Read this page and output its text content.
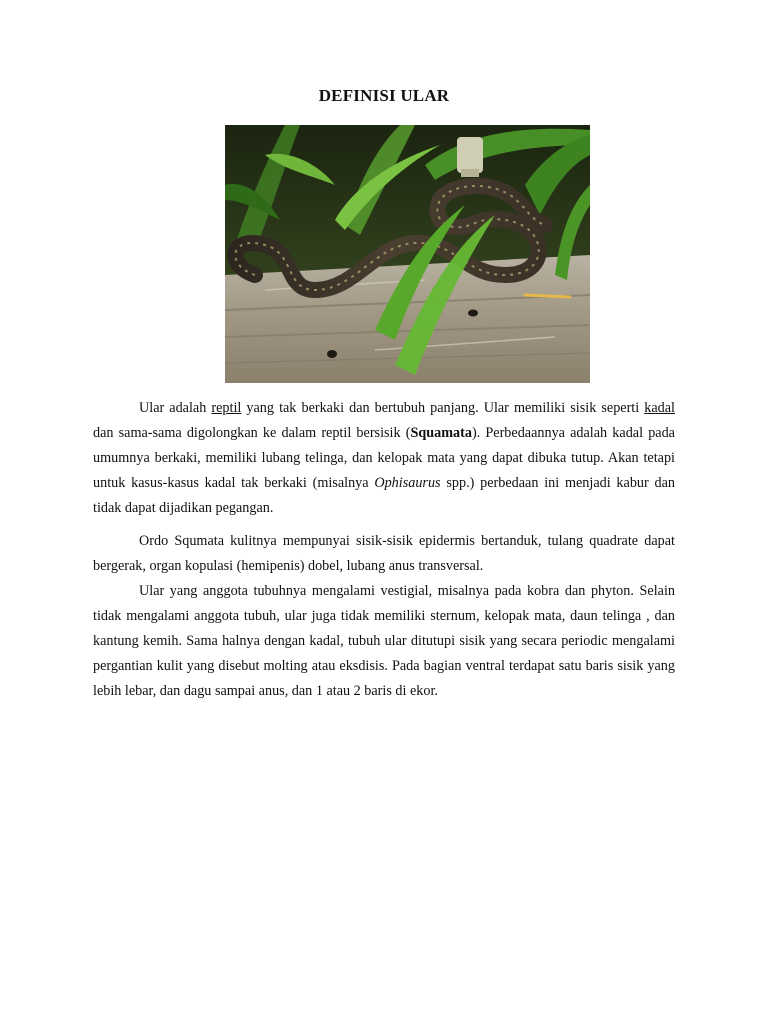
DEFINISI ULAR

Ular adalah reptil yang tak berkaki dan bertubuh panjang. Ular memiliki sisik seperti kadal dan sama-sama digolongkan ke dalam reptil bersisik (Squamata). Perbedaannya adalah kadal pada umumnya berkaki, memiliki lubang telinga, dan kelopak mata yang dapat dibuka tutup. Akan tetapi untuk kasus-kasus kadal tak berkaki (misalnya Ophisaurus spp.) perbedaan ini menjadi kabur dan tidak dapat dijadikan pegangan.

Ordo Squmata kulitnya mempunyai sisik-sisik epidermis bertanduk, tulang quadrate dapat bergerak, organ kopulasi (hemipenis) dobel, lubang anus transversal.

Ular yang anggota tubuhnya mengalami vestigial, misalnya pada kobra dan phyton. Selain tidak mengalami anggota tubuh, ular juga tidak memiliki sternum, kelopak mata, daun telinga , dan kantung kemih. Sama halnya dengan kadal, tubuh ular ditutupi sisik yang secara periodic mengalami pergantian kulit yang disebut molting atau eksdisis. Pada bagian ventral terdapat satu baris sisik yang lebih lebar, dan dagu sampai anus, dan 1 atau 2 baris di ekor.
